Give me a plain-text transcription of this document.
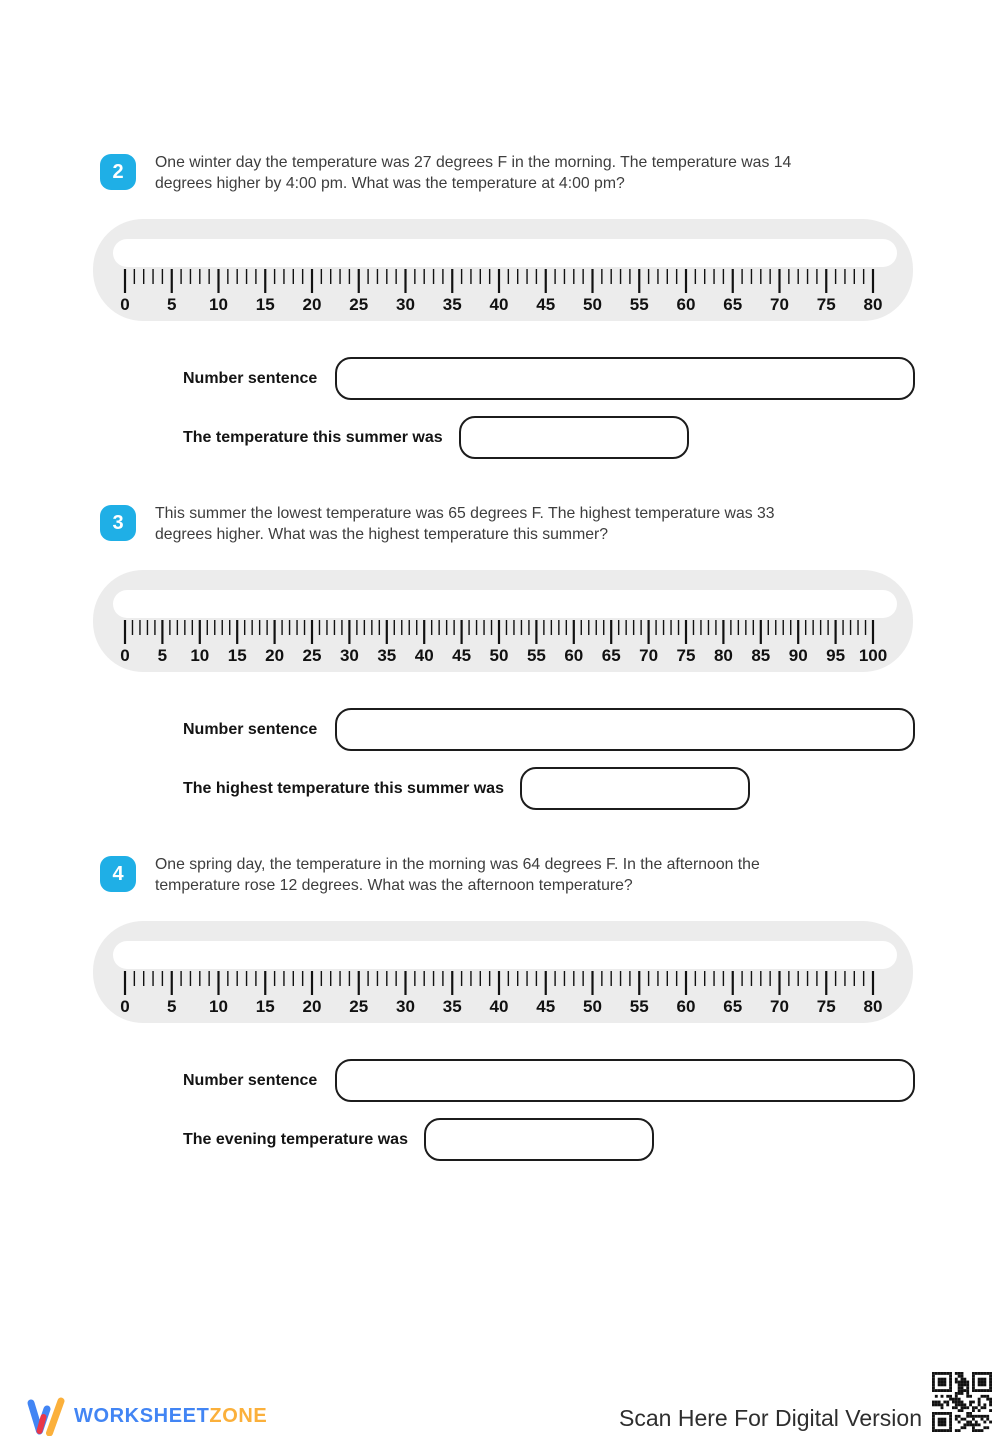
2	One winter day the temperature was 27 degrees F in the morning. The temperature was 14
degrees higher by 4:00 pm. What was the temperature at 4:00 pm?

0 5 10 15 20 25 30 35 40 45 50 55 60 65 70 75 80
Number sentence
The temperature this summer was
3	This summer the lowest temperature was 65 degrees F. The highest temperature was 33
degrees higher. What was the highest temperature this summer?

0 5 10 15 20 25 30 35 40 45 50 55 60 65 70 75 80 85 90 95 100
Number sentence
The highest temperature this summer was
4	One spring day, the temperature in the morning was 64 degrees F. In the afternoon the
temperature rose 12 degrees. What was the afternoon temperature?

0 5 10 15 20 25 30 35 40 45 50 55 60 65 70 75 80
Number sentence
The evening temperature was
WORKSHEETZONE	Scan Here For Digital Version
